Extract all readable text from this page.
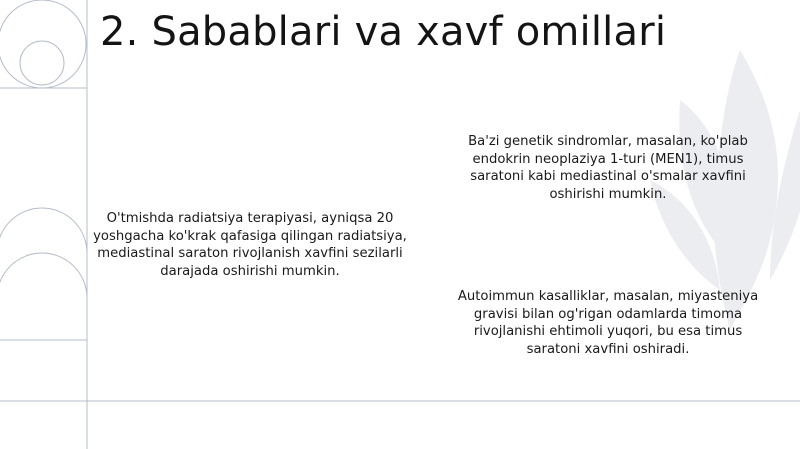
2. Sabablari va xavf omillari

Ba'zi genetik sindromlar, masalan, ko'plab endokrin neoplaziya 1-turi (MEN1), timus saratoni kabi mediastinal o'smalar xavfini oshirishi mumkin.

O'tmishda radiatsiya terapiyasi, ayniqsa 20 yoshgacha ko'krak qafasiga qilingan radiatsiya, mediastinal saraton rivojlanish xavfini sezilarli darajada oshirishi mumkin.

Autoimmun kasalliklar, masalan, miyasteniya gravisi bilan og'rigan odamlarda timoma rivojlanishi ehtimoli yuqori, bu esa timus saratoni xavfini oshiradi.
